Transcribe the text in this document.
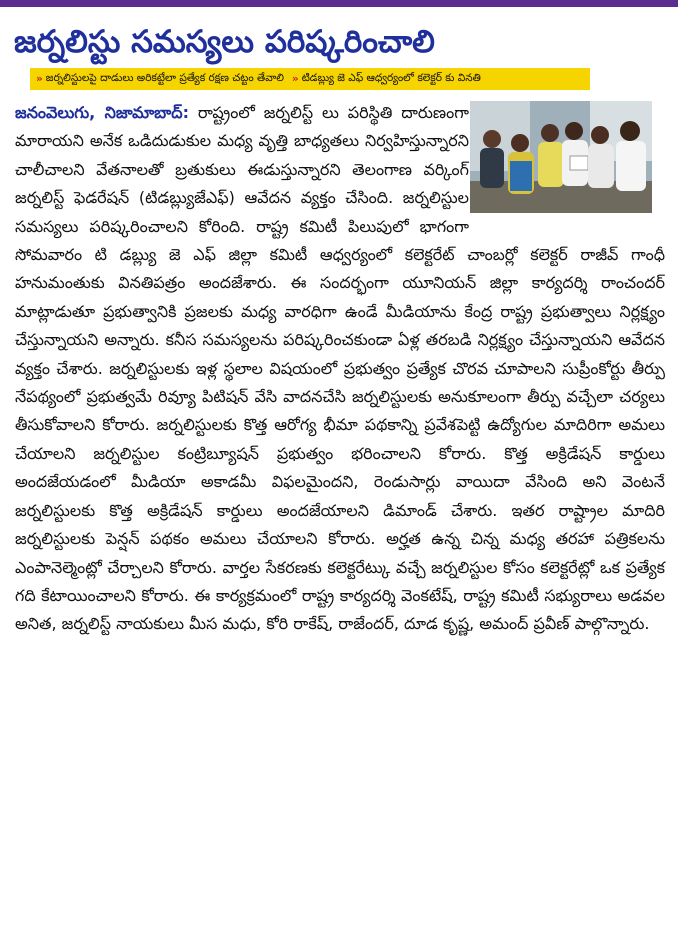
జర్నలిస్టు సమస్యలు పరిష్కరించాలి
» జర్నలిస్టులపై దాడులు అరికట్టేలా ప్రత్యేక రక్షణ చట్టం తేవాలి » టిడబ్ల్యు జె ఎఫ్ ఆధ్వర్యంలో కలెక్టర్ కు వినతి

జనంవెలుగు, నిజామాబాద్: రాష్ట్రంలో జర్నలిస్ట్ లు పరిస్థితి దారుణంగా మారాయని అనేక ఒడిదుడుకుల మధ్య వృత్తి బాధ్యతలు నిర్వహిస్తున్నారని చాలీచాలని వేతనాలతో బ్రతుకులు ఈడుస్తున్నారని తెలంగాణ వర్కింగ్ జర్నలిస్ట్ ఫెడరేషన్ (టిడబ్ల్యుజేఎఫ్) ఆవేదన వ్యక్తం చేసింది. జర్నలిస్టుల సమస్యలు పరిష్కరించాలని కోరింది. రాష్ట్ర కమిటీ పిలుపులో భాగంగా సోమవారం టి డబ్ల్యు జె ఎఫ్ జిల్లా కమిటీ ఆధ్వర్యంలో కలెక్టరేట్ చాంబర్లో కలెక్టర్ రాజీవ్ గాంధీ హనుమంతుకు వినతిపత్రం అందజేశారు. ఈ సందర్భంగా యూనియన్ జిల్లా కార్యదర్శి రాంచందర్ మాట్లాడుతూ ప్రభుత్వానికి ప్రజలకు మధ్య వారధిగా ఉండే మీడియాను కేంద్ర రాష్ట్ర ప్రభుత్వాలు నిర్లక్ష్యం చేస్తున్నాయని అన్నారు. కనీస సమస్యలను పరిష్కరించకుండా ఏళ్ల తరబడి నిర్లక్ష్యం చేస్తున్నాయని ఆవేదన వ్యక్తం చేశారు. జర్నలిస్టులకు ఇళ్ల స్థలాల విషయంలో ప్రభుత్వం ప్రత్యేక చొరవ చూపాలని సుప్రీంకోర్టు తీర్పు నేపథ్యంలో ప్రభుత్వమే రివ్యూ పిటిషన్ వేసి వాదనచేసి జర్నలిస్టులకు అనుకూలంగా తీర్పు వచ్చేలా చర్యలు తీసుకోవాలని కోరారు. జర్నలిస్టులకు కొత్త ఆరోగ్య భీమా పథకాన్ని ప్రవేశపెట్టి ఉద్యోగుల మాదిరిగా అమలు చేయాలని జర్నలిస్టుల కంట్రిబ్యూషన్ ప్రభుత్వం భరించాలని కోరారు. కొత్త అక్రిడేషన్ కార్డులు అందజేయడంలో మీడియా అకాడమీ విఫలమైందని, రెండుసార్లు వాయిదా వేసింది అని వెంటనే జర్నలిస్టులకు కొత్త అక్రిడేషన్ కార్డులు అందజేయాలని డిమాండ్ చేశారు. ఇతర రాష్ట్రాల మాదిరి జర్నలిస్టులకు పెన్షన్ పథకం అమలు చేయాలని కోరారు. అర్హత ఉన్న చిన్న మధ్య తరహా పత్రికలను ఎంపానెల్మెంట్లో చేర్చాలని కోరారు. వార్తల సేకరణకు కలెక్టరేట్కు వచ్చే జర్నలిస్టుల కోసం కలెక్టరేట్లో ఒక ప్రత్యేక గది కేటాయించాలని కోరారు. ఈ కార్యక్రమంలో రాష్ట్ర కార్యదర్శి వెంకటేష్, రాష్ట్ర కమిటీ సభ్యురాలు అడవల అనిత, జర్నలిస్ట్ నాయకులు మీస మధు, కోరి రాకేష్, రాజేందర్, దూడ కృష్ణ, అమంద్ ప్రవీణ్ పాల్గొన్నారు.
